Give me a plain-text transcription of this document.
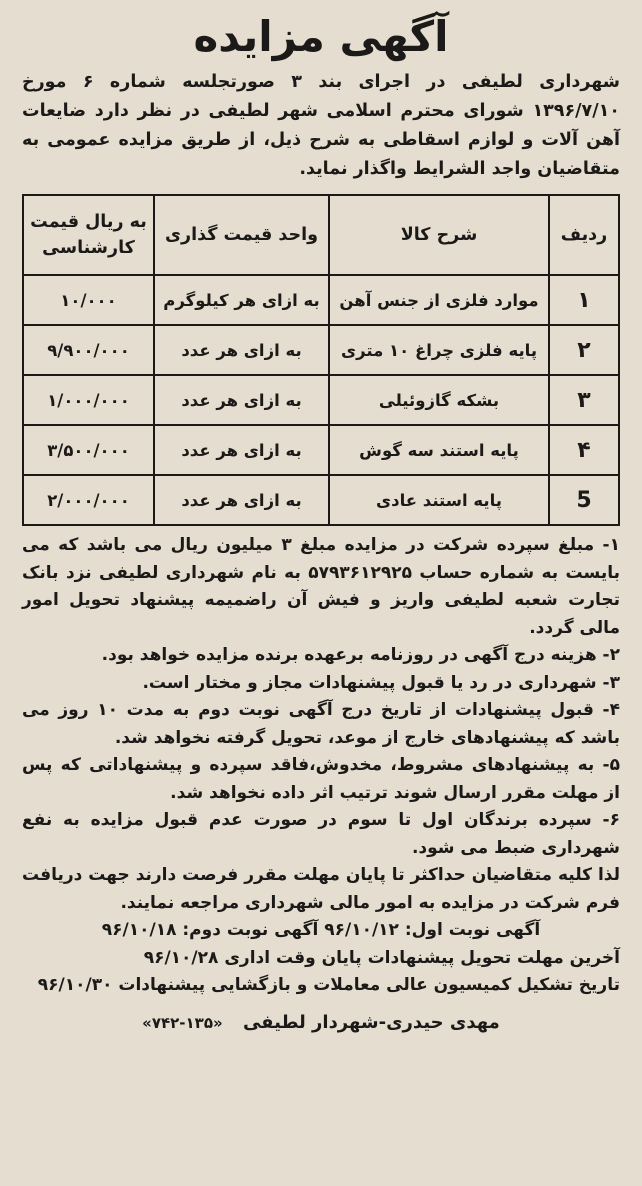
آگهی مزایده

شهرداری لطیفی در اجرای بند ۳ صورتجلسه شماره ۶ مورخ ۱۳۹۶/۷/۱۰ شورای محترم اسلامی شهر لطیفی در نظر دارد ضایعات آهن آلات و لوازم اسقاطی به شرح ذیل، از طریق مزایده عمومی به متقاضیان واجد الشرایط واگذار نماید.

ردیف	شرح کالا	واحد قیمت گذاری	به ریال قیمت کارشناسی
۱	موارد فلزی از جنس آهن	به ازای هر کیلوگرم	۱۰/۰۰۰
۲	پایه فلزی چراغ ۱۰ متری	به ازای هر عدد	۹/۹۰۰/۰۰۰
۳	بشکه گازوئیلی	به ازای هر عدد	۱/۰۰۰/۰۰۰
۴	پایه استند سه گوش	به ازای هر عدد	۳/۵۰۰/۰۰۰
5	پایه استند عادی	به ازای هر عدد	۲/۰۰۰/۰۰۰
۱- مبلغ سپرده شرکت در مزایده مبلغ ۳ میلیون ریال می باشد که می بایست به شماره حساب ۵۷۹۳۶۱۲۹۲۵ به نام شهرداری لطیفی نزد بانک تجارت شعبه لطیفی واریز و فیش آن راضمیمه پیشنهاد تحویل امور مالی گردد.
۲- هزینه درج آگهی در روزنامه برعهده برنده مزایده خواهد بود.
۳- شهرداری در رد یا قبول پیشنهادات مجاز و مختار است.
۴- قبول پیشنهادات از تاریخ درج آگهی نوبت دوم به مدت ۱۰ روز می باشد که پیشنهادهای خارج از موعد، تحویل گرفته نخواهد شد.
۵- به پیشنهادهای مشروط، مخدوش،فاقد سپرده و پیشنهاداتی که پس از مهلت مقرر ارسال شوند ترتیب اثر داده نخواهد شد.
۶- سپرده برندگان اول تا سوم در صورت عدم قبول مزایده به نفع شهرداری ضبط می شود.

لذا کلیه متقاضیان حداکثر تا پایان مهلت مقرر فرصت دارند جهت دریافت فرم شرکت در مزایده به امور مالی شهرداری مراجعه نمایند.

آگهی نوبت اول: ۹۶/۱۰/۱۲ آگهی نوبت دوم: ۹۶/۱۰/۱۸

آخرین مهلت تحویل پیشنهادات پایان وقت اداری ۹۶/۱۰/۲۸

تاریخ تشکیل کمیسیون عالی معاملات و بازگشایی پیشنهادات ۹۶/۱۰/۳۰

مهدی حیدری-شهردار لطیفی «۷۴۲-۱۳۵»
